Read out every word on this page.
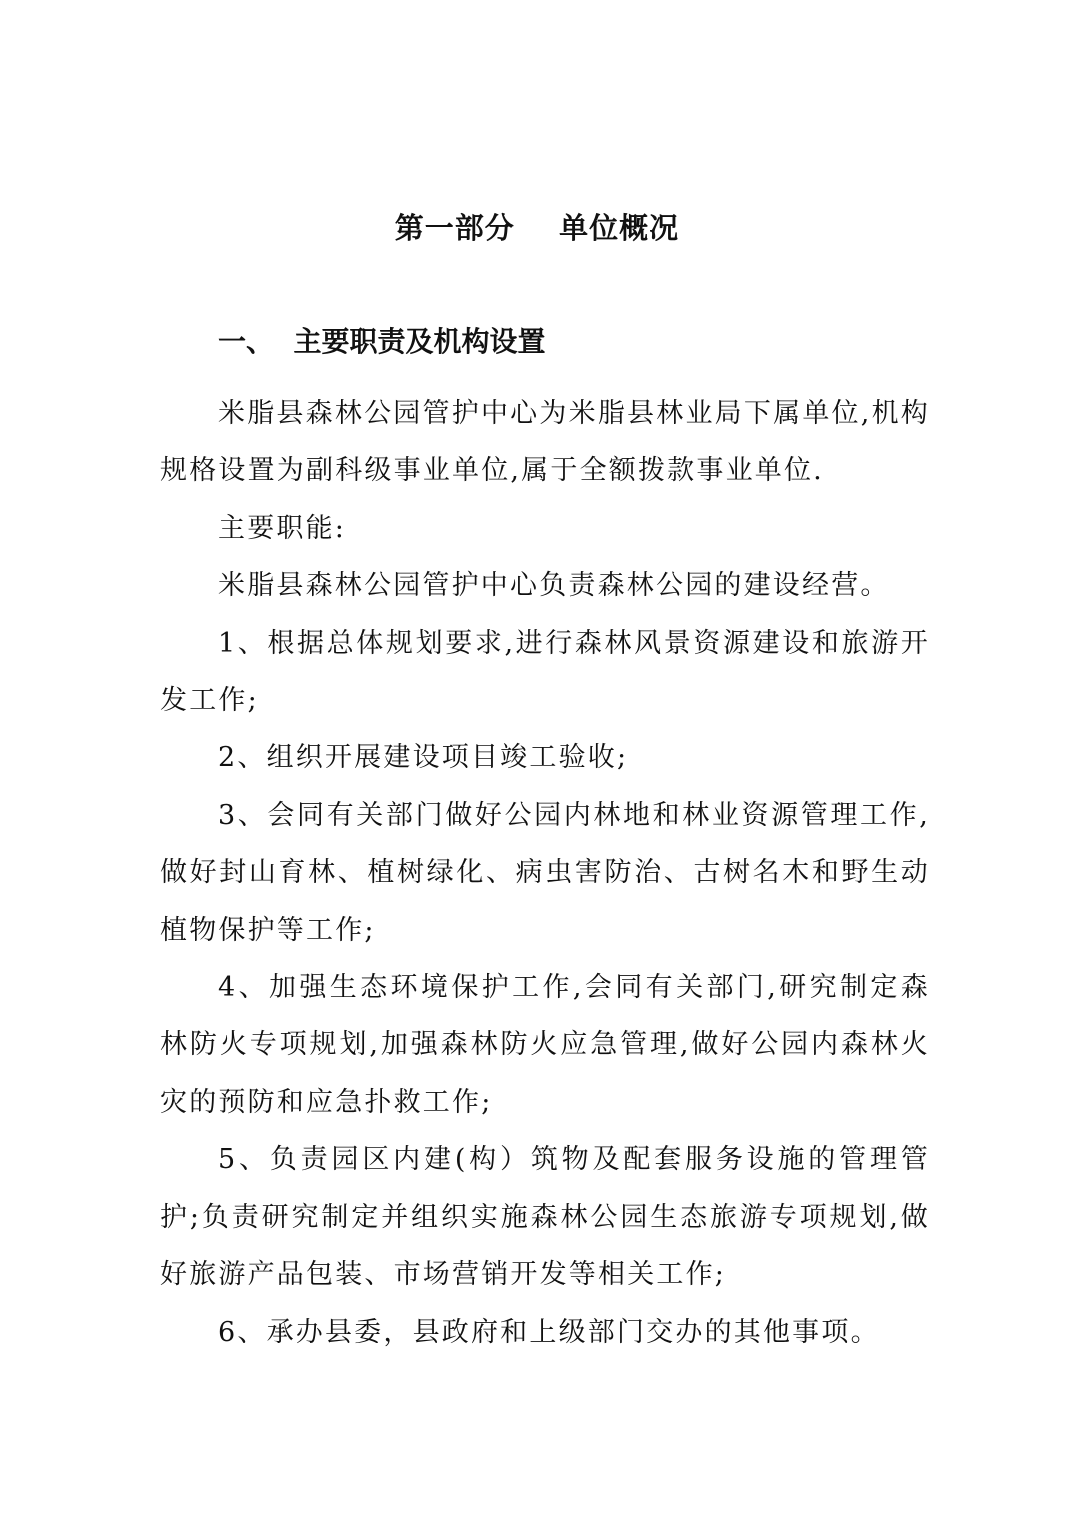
第一部分    单位概况
一、  主要职责及机构设置

米脂县森林公园管护中心为米脂县林业局下属单位,机构规格设置为副科级事业单位,属于全额拨款事业单位.

主要职能:

米脂县森林公园管护中心负责森林公园的建设经营。

1、根据总体规划要求,进行森林风景资源建设和旅游开发工作;

2、组织开展建设项目竣工验收;

3、会同有关部门做好公园内林地和林业资源管理工作,做好封山育林、植树绿化、病虫害防治、古树名木和野生动植物保护等工作;

4、加强生态环境保护工作,会同有关部门,研究制定森林防火专项规划,加强森林防火应急管理,做好公园内森林火灾的预防和应急扑救工作;

5、负责园区内建(构）筑物及配套服务设施的管理管护;负责研究制定并组织实施森林公园生态旅游专项规划,做好旅游产品包装、市场营销开发等相关工作;

6、承办县委，县政府和上级部门交办的其他事项。
